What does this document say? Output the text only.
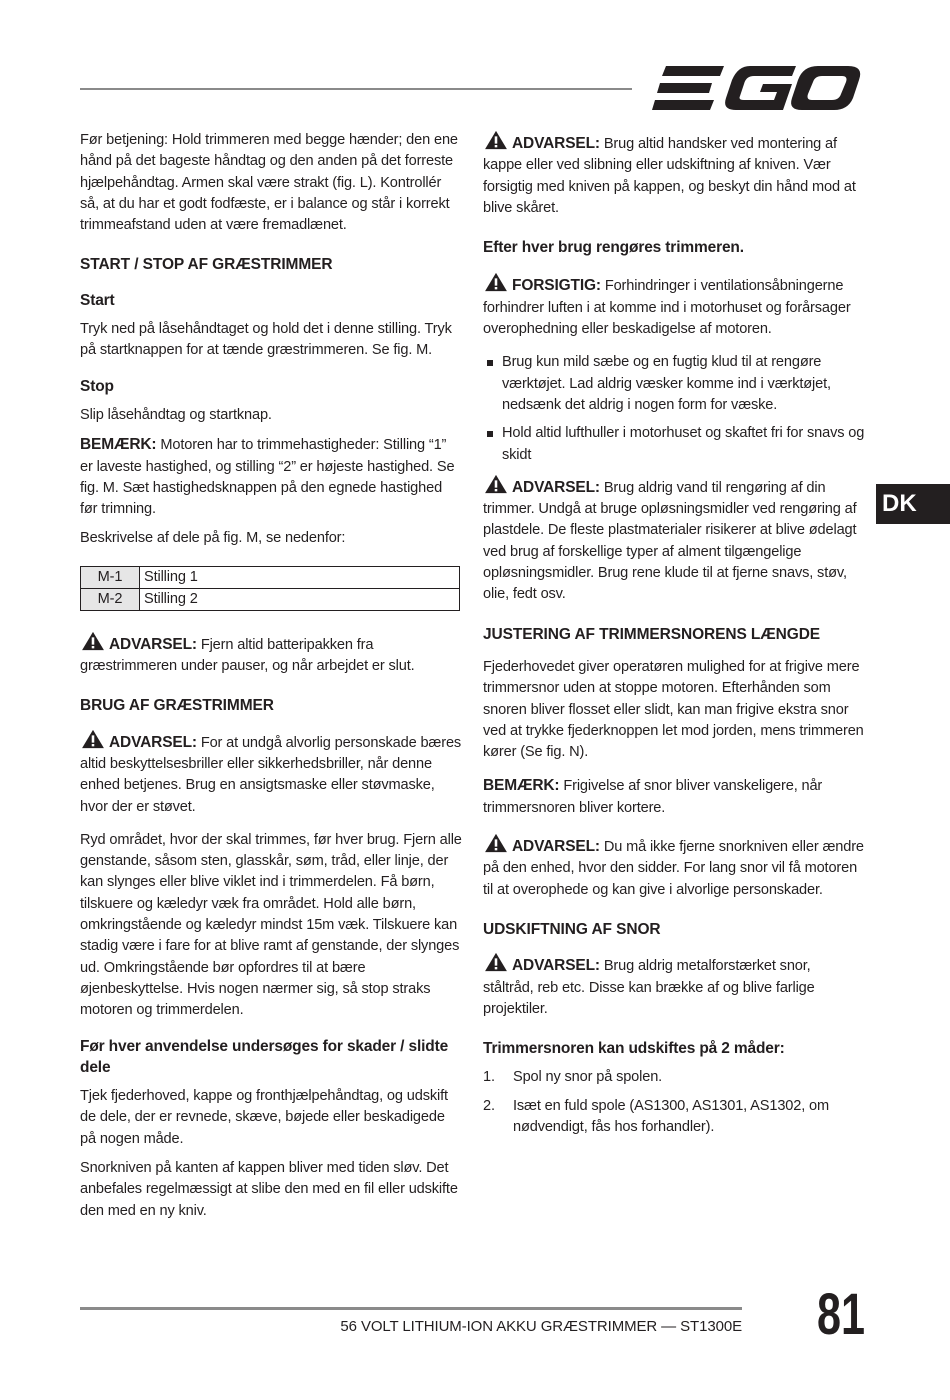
Før betjening: Hold trimmeren med begge hænder; den ene hånd på det bageste håndtag og den anden på det forreste hjælpehåndtag. Armen skal være strakt (fig. L). Kontrollér så, at du har et godt fodfæste, er i balance og står i korrekt trimmeafstand uden at være fremadlænet.

START / STOP AF GRÆSTRIMMER
Start

Tryk ned på låsehåndtaget og hold det i denne stilling. Tryk på startknappen for at tænde græstrimmeren. Se fig. M.

Stop

Slip låsehåndtag og startknap.

BEMÆRK: Motoren har to trimmehastigheder: Stilling “1” er laveste hastighed, og stilling “2” er højeste hastighed. Se fig. M. Sæt hastighedsknappen på den egnede hastighed før trimning.

Beskrivelse af dele på fig. M, se nedenfor:

M-1	Stilling 1
M-2	Stilling 2

ADVARSEL: Fjern altid batteripakken fra græstrimmeren under pauser, og når arbejdet er slut.

BRUG AF GRÆSTRIMMER

ADVARSEL: For at undgå alvorlig personskade bæres altid beskyttelsesbriller eller sikkerhedsbriller, når denne enhed betjenes. Brug en ansigtsmaske eller støvmaske, hvor der er støvet.

Ryd området, hvor der skal trimmes, før hver brug. Fjern alle genstande, såsom sten, glasskår, søm, tråd, eller linje, der kan slynges eller blive viklet ind i trimmerdelen. Få børn, tilskuere og kæledyr væk fra området. Hold alle børn, omkringstående og kæledyr mindst 15m væk. Tilskuere kan stadig være i fare for at blive ramt af genstande, der slynges ud. Omkringstående bør opfordres til at bære øjenbeskyttelse. Hvis nogen nærmer sig, så stop straks motoren og trimmerdelen.

Før hver anvendelse undersøges for skader / slidte dele

Tjek fjederhoved, kappe og fronthjælpehåndtag, og udskift de dele, der er revnede, skæve, bøjede eller beskadigede på nogen måde.

Snorkniven på kanten af kappen bliver med tiden sløv. Det anbefales regelmæssigt at slibe den med en fil eller udskifte den med en ny kniv.

ADVARSEL: Brug altid handsker ved montering af kappe eller ved slibning eller udskiftning af kniven. Vær forsigtig med kniven på kappen, og beskyt din hånd mod at blive skåret.

Efter hver brug rengøres trimmeren.

FORSIGTIG: Forhindringer i ventilationsåbningerne forhindrer luften i at komme ind i motorhuset og forårsager overophedning eller beskadigelse af motoren.

Brug kun mild sæbe og en fugtig klud til at rengøre værktøjet. Lad aldrig væsker komme ind i værktøjet, nedsænk det aldrig i nogen form for væske.
Hold altid lufthuller i motorhuset og skaftet fri for snavs og skidt

ADVARSEL: Brug aldrig vand til rengøring af din trimmer. Undgå at bruge opløsningsmidler ved rengøring af plastdele. De fleste plastmaterialer risikerer at blive ødelagt ved brug af forskellige typer af alment tilgængelige opløsningsmidler. Brug rene klude til at fjerne snavs, støv, olie, fedt osv.

JUSTERING AF TRIMMERSNORENS LÆNGDE

Fjederhovedet giver operatøren mulighed for at frigive mere trimmersnor uden at stoppe motoren. Efterhånden som snoren bliver flosset eller slidt, kan man frigive ekstra snor ved at trykke fjederknoppen let mod jorden, mens trimmeren kører (Se fig. N).

BEMÆRK: Frigivelse af snor bliver vanskeligere, når trimmersnoren bliver kortere.

ADVARSEL: Du må ikke fjerne snorkniven eller ændre på den enhed, hvor den sidder. For lang snor vil få motoren til at overophede og kan give i alvorlige personskader.

UDSKIFTNING AF SNOR

ADVARSEL: Brug aldrig metalforstærket snor, ståltråd, reb etc. Disse kan brække af og blive farlige projektiler.

Trimmersnoren kan udskiftes på 2 måder:
1. Spol ny snor på spolen.
2. Isæt en fuld spole (AS1300, AS1301, AS1302, om nødvendigt, fås hos forhandler).
DK
56 VOLT LITHIUM-ION AKKU GRÆSTRIMMER — ST1300E 81
